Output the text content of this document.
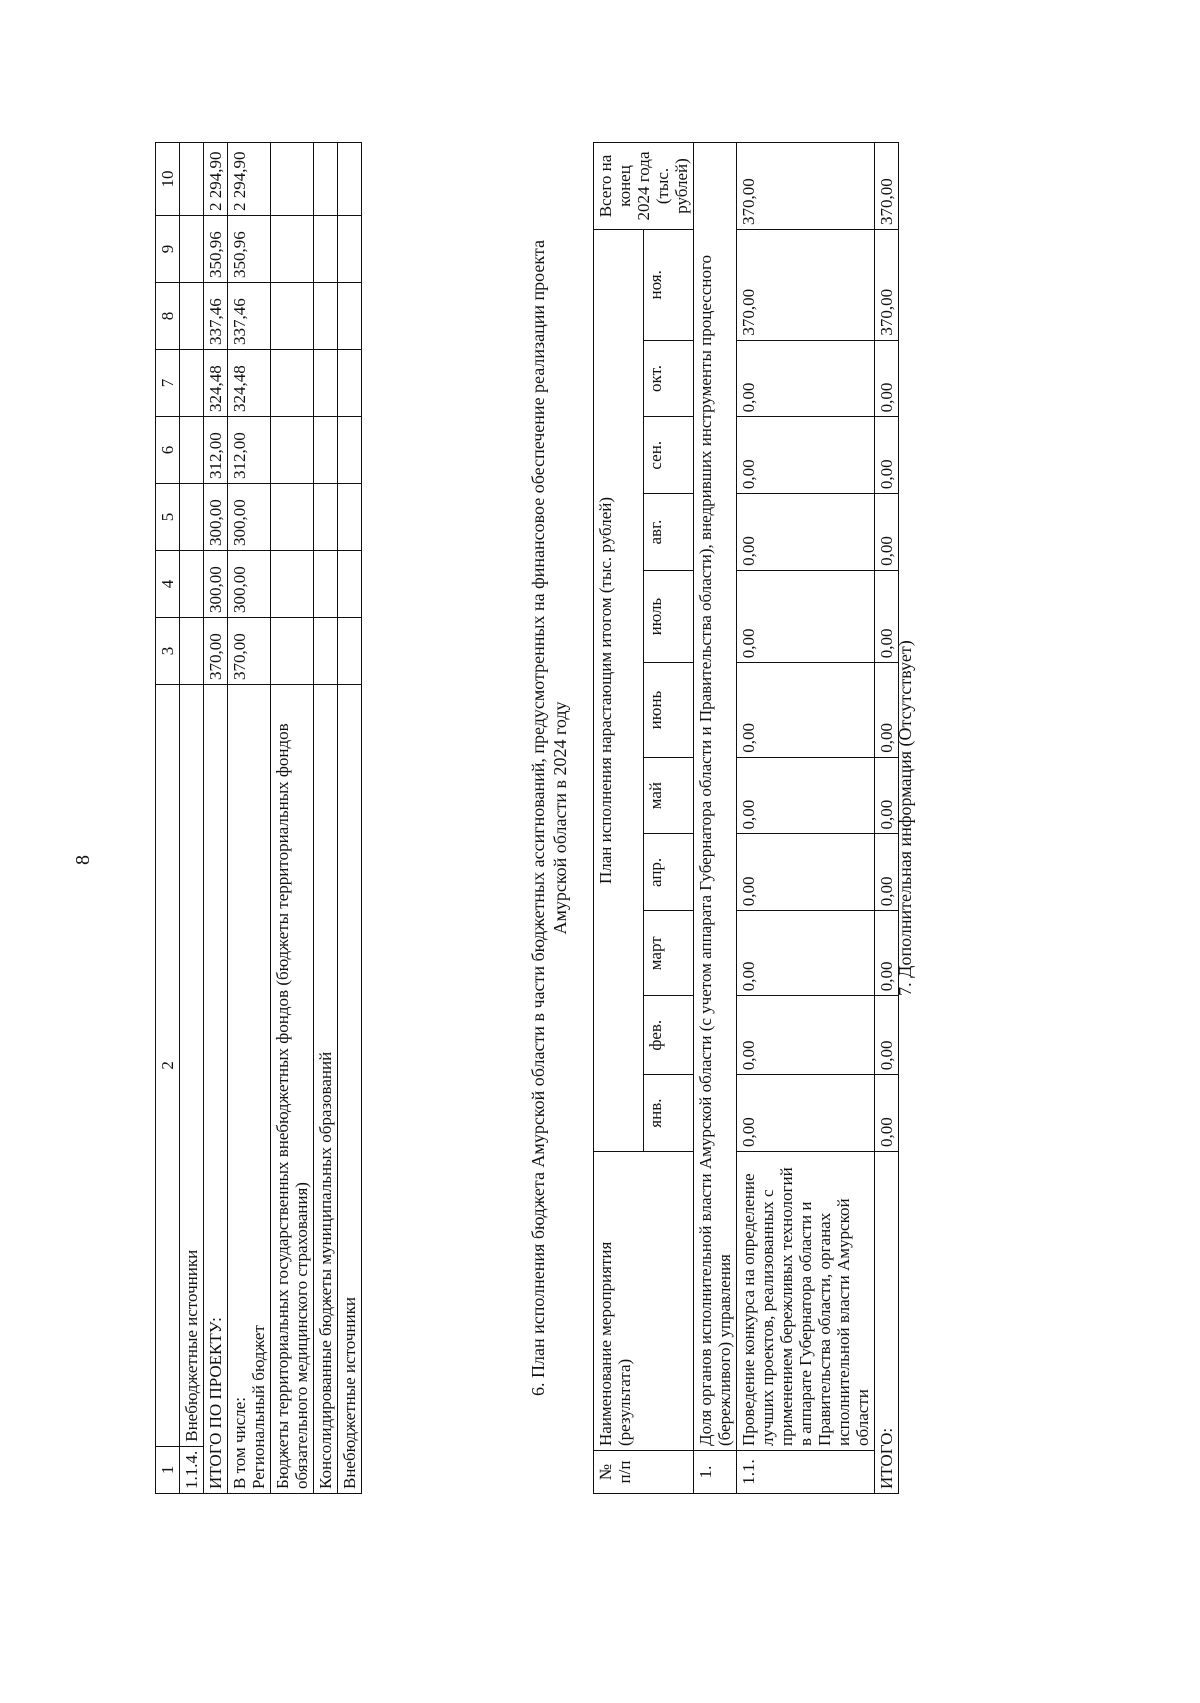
8
1	2	3	4	5	6	7	8	9	10
1.1.4.	Внебюджетные источники								
ИТОГО ПО ПРОЕКТУ:		370,00	300,00	300,00	312,00	324,48	337,46	350,96	2 294,90
В том числе:
Региональный бюджет		370,00	300,00	300,00	312,00	324,48	337,46	350,96	2 294,90
Бюджеты территориальных государственных внебюджетных фондов (бюджеты территориальных фондов обязательного медицинского страхования)									
Консолидированные бюджеты муниципальных образований									
Внебюджетные источники										6. План исполнения бюджета Амурской области в части бюджетных ассигнований, предусмотренных на финансовое обеспечение реализации проекта Амурской области в 2024 году
№ п/п	Наименование мероприятия (результата)	План исполнения нарастающим итогом (тыс. рублей)											Всего на конец 2024 года (тыс. рублей)
		янв.	фев.	март	апр.	май	июнь	июль	авг.	сен.	окт.	ноя.	
1.	Доля органов исполнительной власти Амурской области (с учетом аппарата Губернатора области и Правительства области), внедривших инструменты процессного (бережливого) управления												
1.1.	Проведение конкурса на определение лучших проектов, реализованных с применением бережливых технологий в аппарате Губернатора области и Правительства области, органах исполнительной власти Амурской области	0,00	0,00	0,00	0,00	0,00	0,00	0,00	0,00	0,00	0,00	370,00	370,00
ИТОГО:		0,00	0,00	0,00	0,00	0,00	0,00	0,00	0,00	0,00	0,00	370,00	370,00
7. Дополнительная информация (Отсутствует)
